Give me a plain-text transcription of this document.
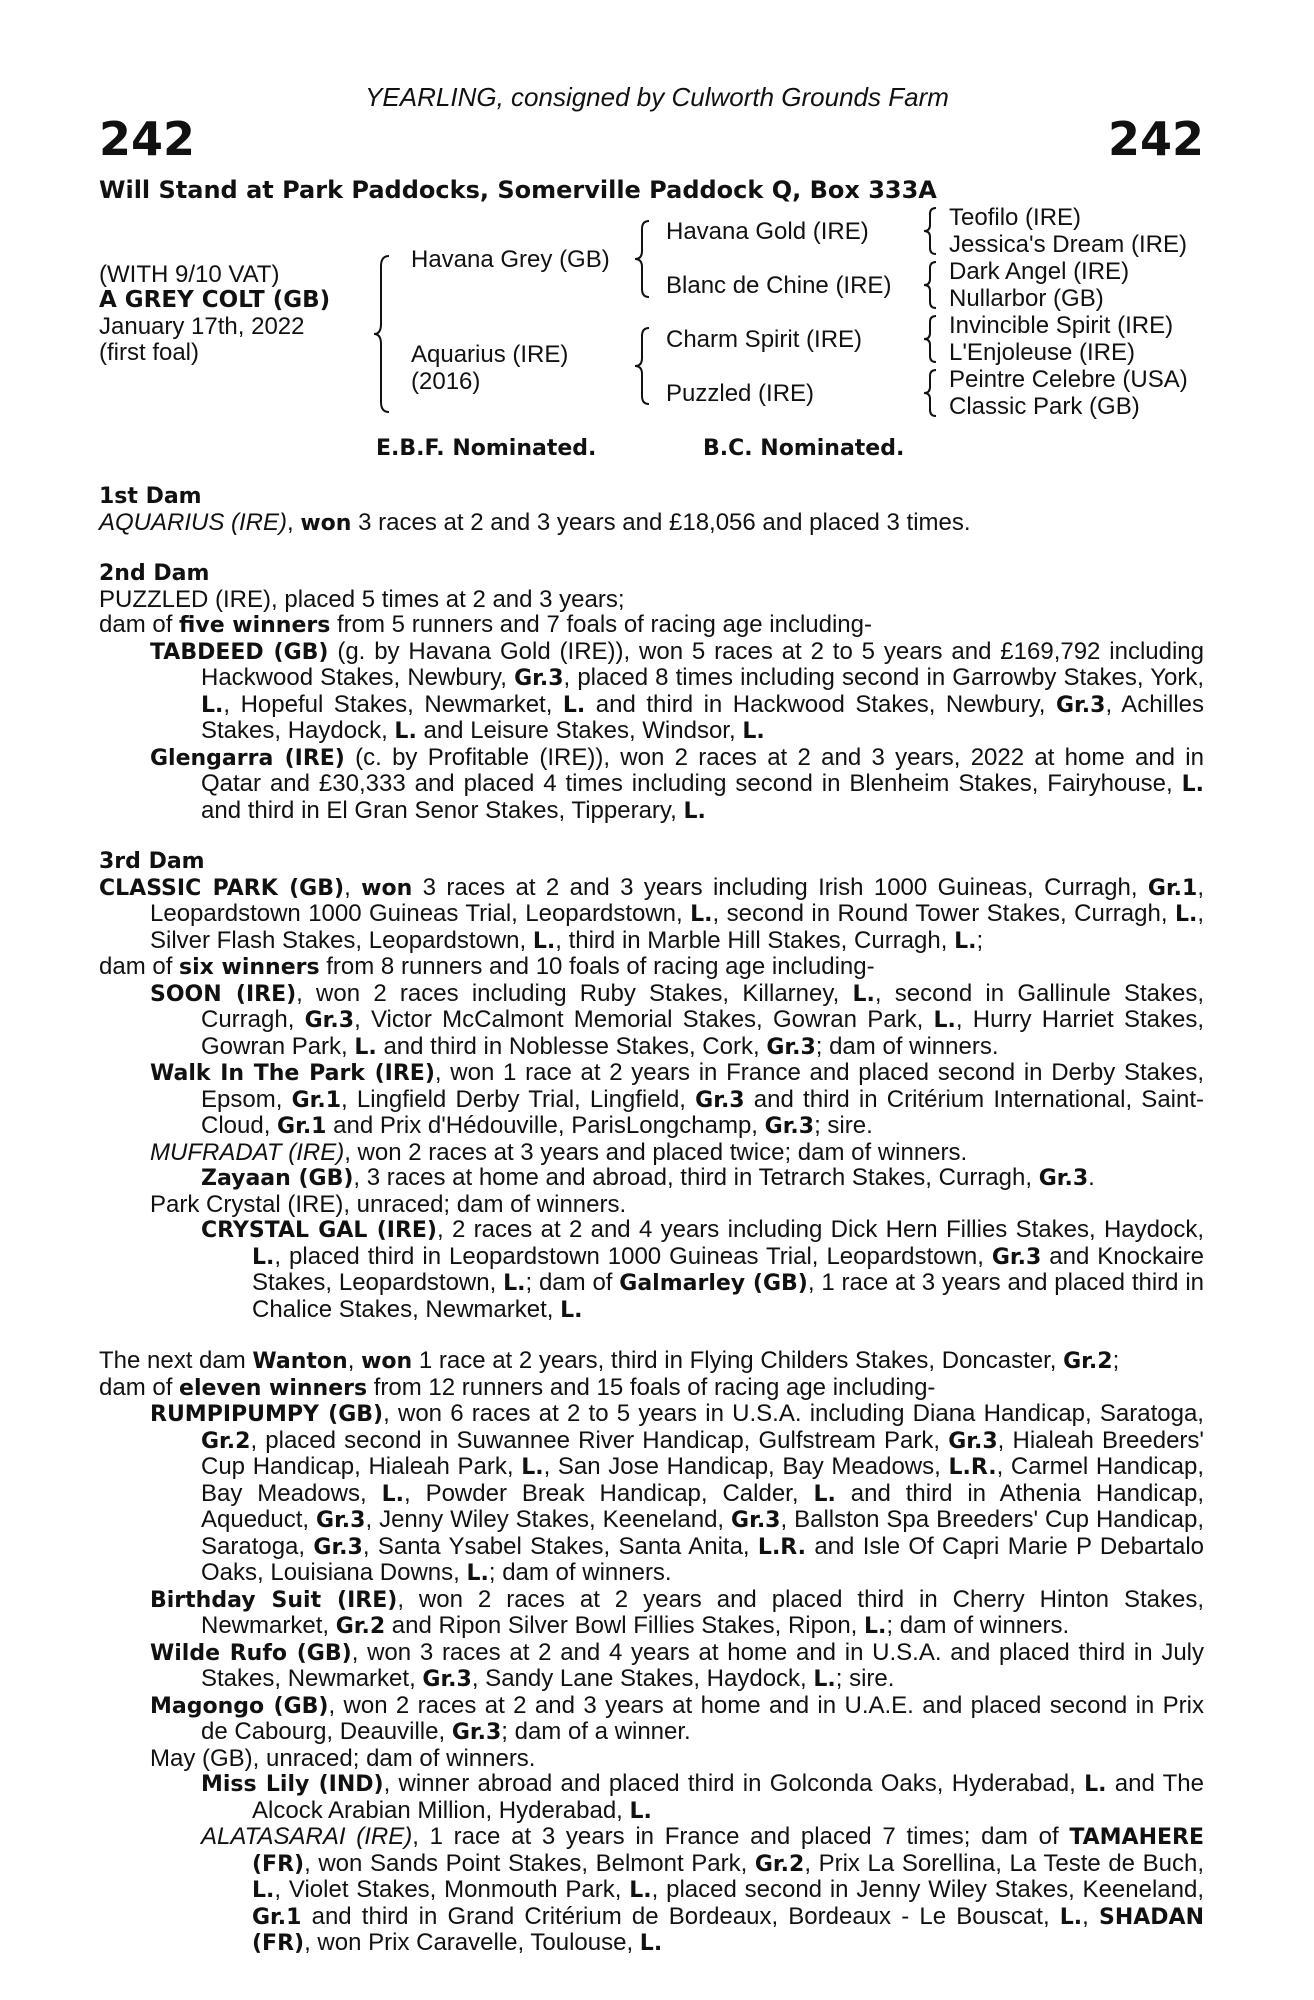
YEARLING, consigned by Culworth Grounds Farm
242	242
Will Stand at Park Paddocks, Somerville Paddock Q, Box 333A
(WITH 9/10 VAT)
A GREY COLT (GB)
January 17th, 2022
(first foal)
Havana Grey (GB)
Aquarius (IRE)
(2016)
Havana Gold (IRE)
Blanc de Chine (IRE)
Charm Spirit (IRE)
Puzzled (IRE)
Teofilo (IRE)
Jessica's Dream (IRE)
Dark Angel (IRE)
Nullarbor (GB)
Invincible Spirit (IRE)
L'Enjoleuse (IRE)
Peintre Celebre (USA)
Classic Park (GB)
E.B.F. Nominated.	B.C. Nominated.
1st Dam
AQUARIUS (IRE), won 3 races at 2 and 3 years and £18,056 and placed 3 times.
2nd Dam
PUZZLED (IRE), placed 5 times at 2 and 3 years;
dam of five winners from 5 runners and 7 foals of racing age including-

TABDEED (GB) (g. by Havana Gold (IRE)), won 5 races at 2 to 5 years and £169,792 including Hackwood Stakes, Newbury, Gr.3, placed 8 times including second in Garrowby Stakes, York, L., Hopeful Stakes, Newmarket, L. and third in Hackwood Stakes, Newbury, Gr.3, Achilles Stakes, Haydock, L. and Leisure Stakes, Windsor, L.

Glengarra (IRE) (c. by Profitable (IRE)), won 2 races at 2 and 3 years, 2022 at home and in Qatar and £30,333 and placed 4 times including second in Blenheim Stakes, Fairyhouse, L. and third in El Gran Senor Stakes, Tipperary, L.

3rd Dam

CLASSIC PARK (GB), won 3 races at 2 and 3 years including Irish 1000 Guineas, Curragh, Gr.1, Leopardstown 1000 Guineas Trial, Leopardstown, L., second in Round Tower Stakes, Curragh, L., Silver Flash Stakes, Leopardstown, L., third in Marble Hill Stakes, Curragh, L.;

dam of six winners from 8 runners and 10 foals of racing age including-

SOON (IRE), won 2 races including Ruby Stakes, Killarney, L., second in Gallinule Stakes, Curragh, Gr.3, Victor McCalmont Memorial Stakes, Gowran Park, L., Hurry Harriet Stakes, Gowran Park, L. and third in Noblesse Stakes, Cork, Gr.3; dam of winners.

Walk In The Park (IRE), won 1 race at 2 years in France and placed second in Derby Stakes, Epsom, Gr.1, Lingfield Derby Trial, Lingfield, Gr.3 and third in Critérium International, Saint-Cloud, Gr.1 and Prix d'Hédouville, ParisLongchamp, Gr.3; sire.

MUFRADAT (IRE), won 2 races at 3 years and placed twice; dam of winners.

Zayaan (GB), 3 races at home and abroad, third in Tetrarch Stakes, Curragh, Gr.3.

Park Crystal (IRE), unraced; dam of winners.

CRYSTAL GAL (IRE), 2 races at 2 and 4 years including Dick Hern Fillies Stakes, Haydock, L., placed third in Leopardstown 1000 Guineas Trial, Leopardstown, Gr.3 and Knockaire Stakes, Leopardstown, L.; dam of Galmarley (GB), 1 race at 3 years and placed third in Chalice Stakes, Newmarket, L.

The next dam Wanton, won 1 race at 2 years, third in Flying Childers Stakes, Doncaster, Gr.2;

dam of eleven winners from 12 runners and 15 foals of racing age including-

RUMPIPUMPY (GB), won 6 races at 2 to 5 years in U.S.A. including Diana Handicap, Saratoga, Gr.2, placed second in Suwannee River Handicap, Gulfstream Park, Gr.3, Hialeah Breeders' Cup Handicap, Hialeah Park, L., San Jose Handicap, Bay Meadows, L.R., Carmel Handicap, Bay Meadows, L., Powder Break Handicap, Calder, L. and third in Athenia Handicap, Aqueduct, Gr.3, Jenny Wiley Stakes, Keeneland, Gr.3, Ballston Spa Breeders' Cup Handicap, Saratoga, Gr.3, Santa Ysabel Stakes, Santa Anita, L.R. and Isle Of Capri Marie P Debartalo Oaks, Louisiana Downs, L.; dam of winners.

Birthday Suit (IRE), won 2 races at 2 years and placed third in Cherry Hinton Stakes, Newmarket, Gr.2 and Ripon Silver Bowl Fillies Stakes, Ripon, L.; dam of winners.

Wilde Rufo (GB), won 3 races at 2 and 4 years at home and in U.S.A. and placed third in July Stakes, Newmarket, Gr.3, Sandy Lane Stakes, Haydock, L.; sire.

Magongo (GB), won 2 races at 2 and 3 years at home and in U.A.E. and placed second in Prix de Cabourg, Deauville, Gr.3; dam of a winner.

May (GB), unraced; dam of winners.

Miss Lily (IND), winner abroad and placed third in Golconda Oaks, Hyderabad, L. and The Alcock Arabian Million, Hyderabad, L.

ALATASARAI (IRE), 1 race at 3 years in France and placed 7 times; dam of TAMAHERE (FR), won Sands Point Stakes, Belmont Park, Gr.2, Prix La Sorellina, La Teste de Buch, L., Violet Stakes, Monmouth Park, L., placed second in Jenny Wiley Stakes, Keeneland, Gr.1 and third in Grand Critérium de Bordeaux, Bordeaux - Le Bouscat, L., SHADAN (FR), won Prix Caravelle, Toulouse, L.
